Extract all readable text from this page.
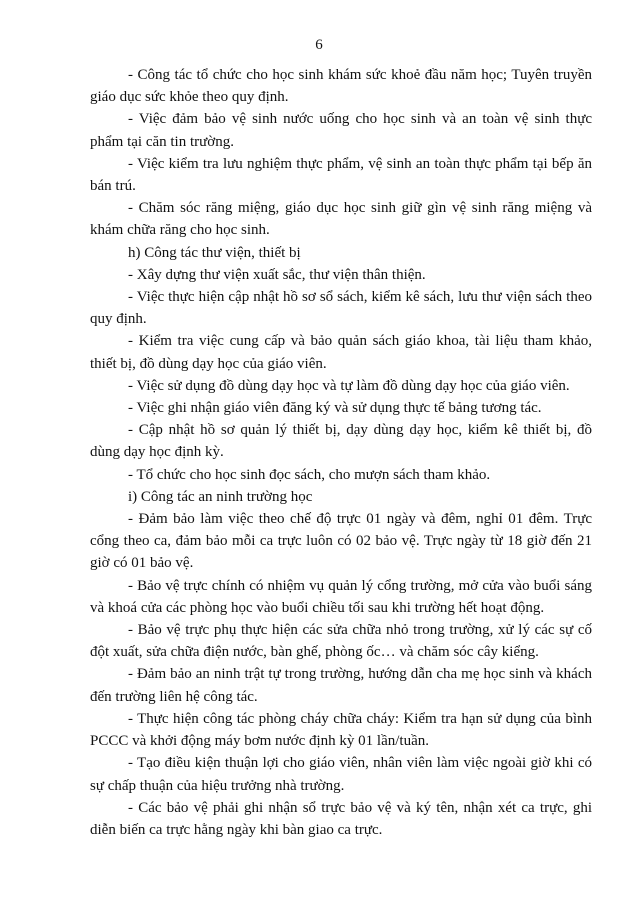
6

- Công tác tổ chức cho học sinh khám sức khoẻ đầu năm học; Tuyên truyền giáo dục sức khỏe theo quy định.

- Việc đảm bảo vệ sinh nước uống cho học sinh và an toàn vệ sinh thực phẩm tại căn tin trường.

- Việc kiểm tra lưu nghiệm thực phẩm, vệ sinh an toàn thực phẩm tại bếp ăn bán trú.

- Chăm sóc răng miệng, giáo dục học sinh giữ gìn vệ sinh răng miệng và khám chữa răng cho học sinh.

h) Công tác thư viện, thiết bị

- Xây dựng thư viện xuất sắc, thư viện thân thiện.

- Việc thực hiện cập nhật hồ sơ sổ sách, kiểm kê sách, lưu thư viện sách theo quy định.

- Kiểm tra việc cung cấp và bảo quản sách giáo khoa, tài liệu tham khảo, thiết bị, đồ dùng dạy học của giáo viên.

- Việc sử dụng đồ dùng dạy học và tự làm đồ dùng dạy học của giáo viên.

- Việc ghi nhận giáo viên đăng ký và sử dụng thực tế bảng tương tác.

- Cập nhật hồ sơ quản lý thiết bị, dạy dùng dạy học, kiểm kê thiết bị, đồ dùng dạy học định kỳ.

- Tổ chức cho học sinh đọc sách, cho mượn sách tham khảo.

i) Công tác an ninh trường học

- Đảm bảo làm việc theo chế độ trực 01 ngày và đêm, nghỉ 01 đêm. Trực cổng theo ca, đảm bảo mỗi ca trực luôn có 02 bảo vệ. Trực ngày từ 18 giờ đến 21 giờ có 01 bảo vệ.

- Bảo vệ trực chính có nhiệm vụ quản lý cổng trường, mở cửa vào buổi sáng và khoá cửa các phòng học vào buổi chiều tối sau khi trường hết hoạt động.

- Bảo vệ trực phụ thực hiện các sửa chữa nhỏ trong trường, xử lý các sự cố đột xuất, sửa chữa điện nước, bàn ghế, phòng ốc… và chăm sóc cây kiểng.

- Đảm bảo an ninh trật tự trong trường, hướng dẫn cha mẹ học sinh và khách đến trường liên hệ công tác.

- Thực hiện công tác phòng cháy chữa cháy: Kiểm tra hạn sử dụng của bình PCCC và khởi động máy bơm nước định kỳ 01 lần/tuần.

- Tạo điều kiện thuận lợi cho giáo viên, nhân viên làm việc ngoài giờ khi có sự chấp thuận của hiệu trưởng nhà trường.

- Các bảo vệ phải ghi nhận sổ trực bảo vệ và ký tên, nhận xét ca trực, ghi diễn biến ca trực hằng ngày khi bàn giao ca trực.
